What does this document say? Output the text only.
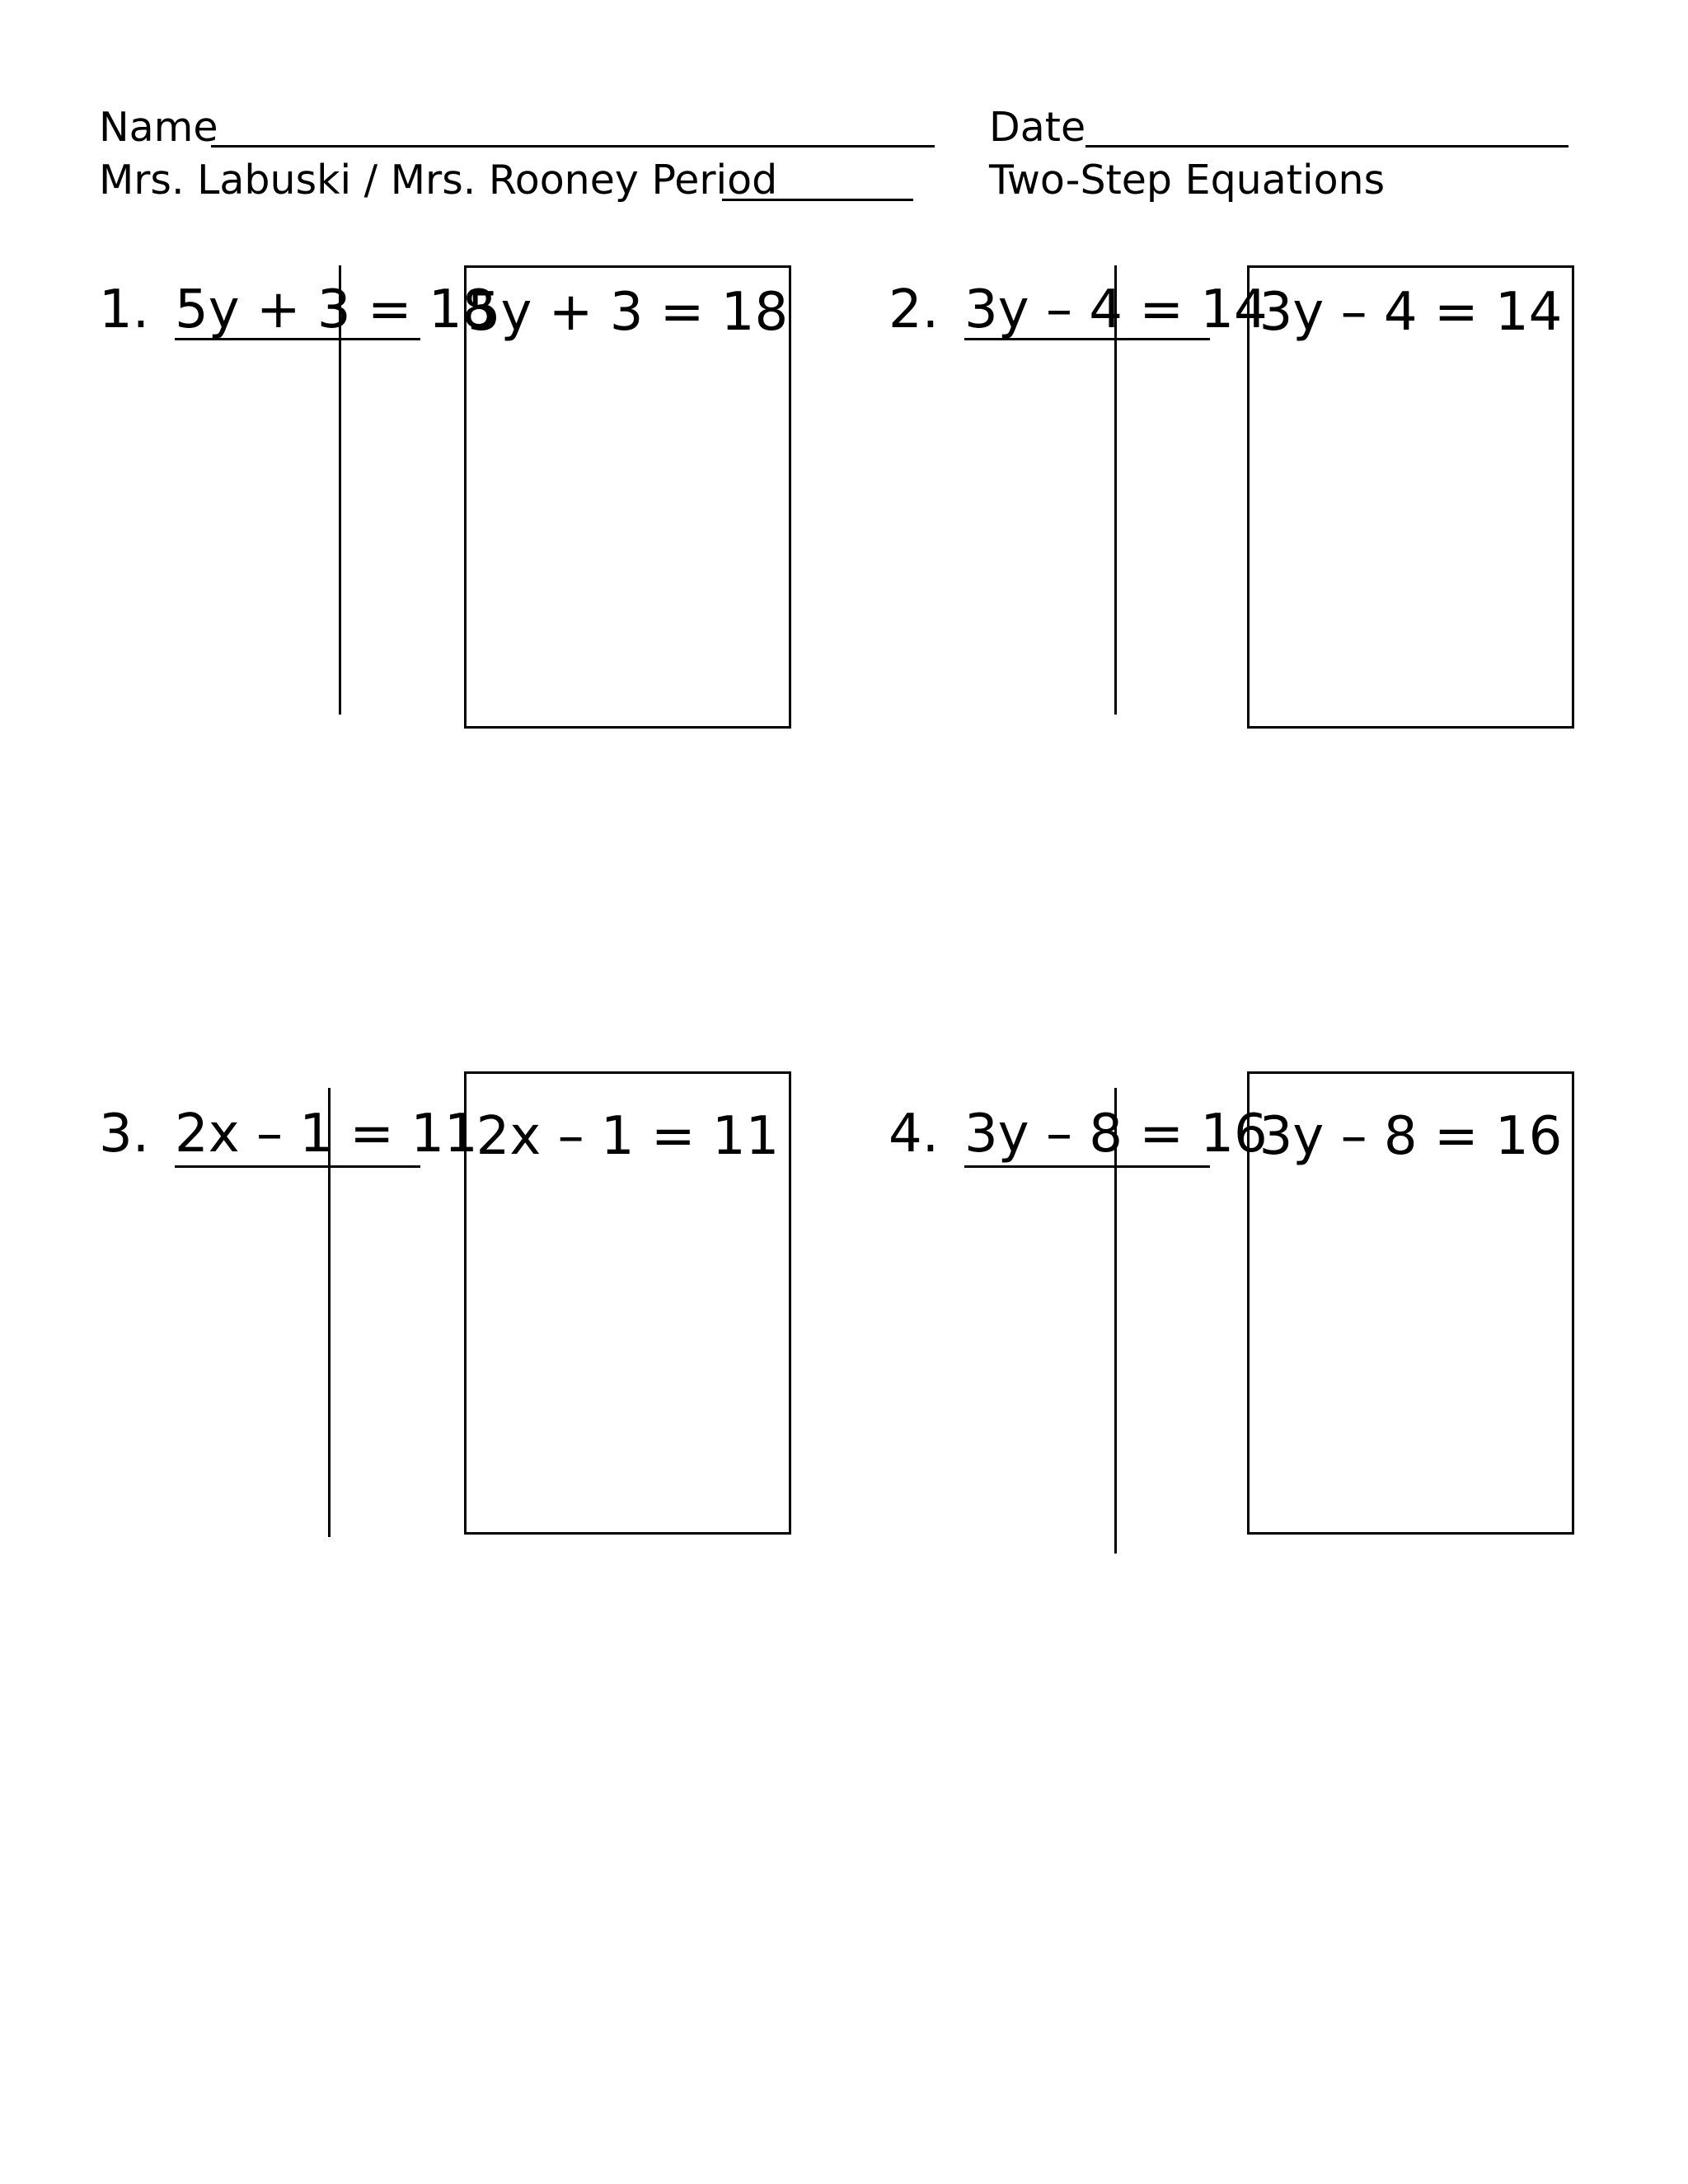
Name	Date
Mrs. Labuski / Mrs. Rooney Period	Two-Step Equations
1. 5y + 3 = 18
5y + 3 = 18 2. 3y – 4 = 14
3y – 4 = 14
3. 2x – 1 = 11
2x – 1 = 11 4. 3y – 8 = 16
3y – 8 = 16
